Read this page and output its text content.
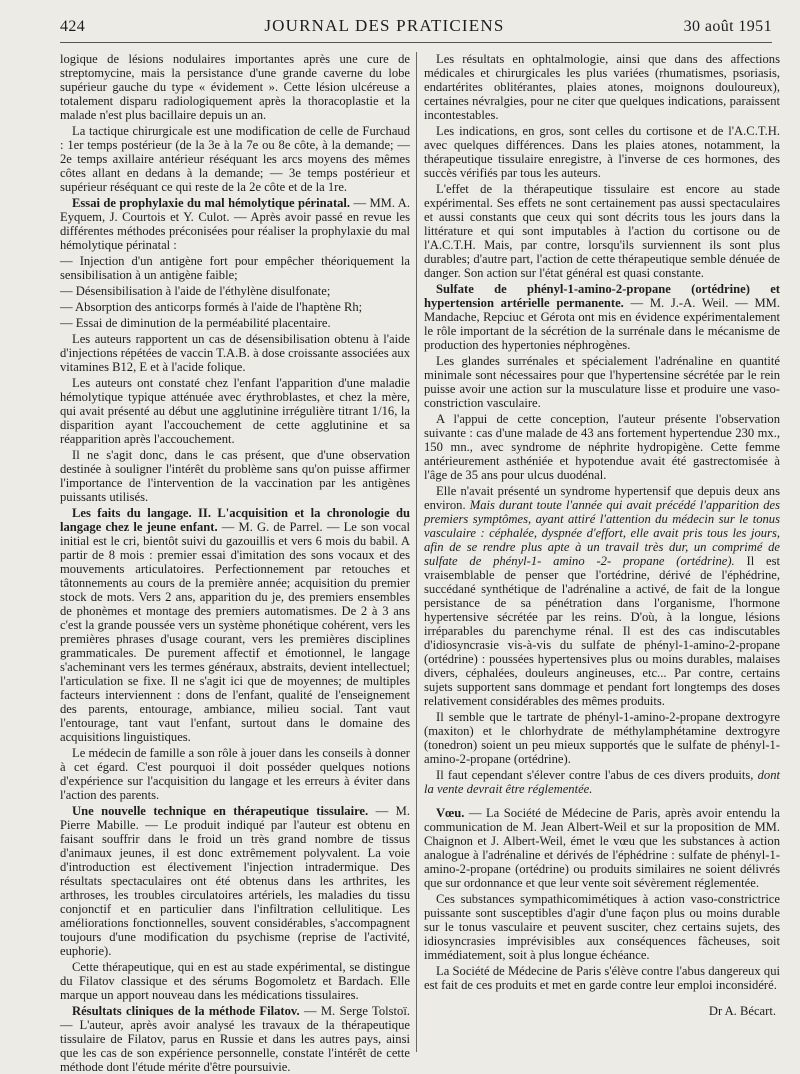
424	JOURNAL DES PRATICIENS	30 août 1951

logique de lésions nodulaires importantes après une cure de streptomycine, mais la persistance d'une grande caverne du lobe supérieur gauche du type « évidement ». Cette lésion ulcéreuse a totalement disparu radiologiquement après la thoracoplastie et la malade n'est plus bacillaire depuis un an.

La tactique chirurgicale est une modification de celle de Furchaud : 1er temps postérieur (de la 3e à la 7e ou 8e côte, à la demande; — 2e temps axillaire antérieur réséquant les arcs moyens des mêmes côtes allant en dedans à la demande; — 3e temps postérieur et supérieur réséquant ce qui reste de la 2e côte et de la 1re.

Essai de prophylaxie du mal hémolytique périnatal. — MM. A. Eyquem, J. Courtois et Y. Culot. — Après avoir passé en revue les différentes méthodes préconisées pour réaliser la prophylaxie du mal hémolytique périnatal :

— Injection d'un antigène fort pour empêcher théoriquement la sensibilisation à un antigène faible;

— Désensibilisation à l'aide de l'éthylène disulfonate;

— Absorption des anticorps formés à l'aide de l'haptène Rh;

— Essai de diminution de la perméabilité placentaire.

Les auteurs rapportent un cas de désensibilisation obtenu à l'aide d'injections répétées de vaccin T.A.B. à dose croissante associées aux vitamines B12, E et à l'acide folique.

Les auteurs ont constaté chez l'enfant l'apparition d'une maladie hémolytique typique atténuée avec érythroblastes, et chez la mère, qui avait présenté au début une agglutinine irrégulière titrant 1/16, la disparition ayant l'accouchement de cette agglutinine et sa réapparition après l'accouchement.

Il ne s'agit donc, dans le cas présent, que d'une observation destinée à souligner l'intérêt du problème sans qu'on puisse affirmer l'importance de l'intervention de la vaccination par les antigènes puissants utilisés.

Les faits du langage. II. L'acquisition et la chronologie du langage chez le jeune enfant. — M. G. de Parrel. — Le son vocal initial est le cri, bientôt suivi du gazouillis et vers 6 mois du babil. A partir de 8 mois : premier essai d'imitation des sons vocaux et des mouvements articulatoires. Perfectionnement par retouches et tâtonnements au cours de la première année; acquisition du premier stock de mots. Vers 2 ans, apparition du je, des premiers ensembles de phonèmes et montage des premiers automatismes. De 2 à 3 ans c'est la grande poussée vers un système phonétique cohérent, vers les premières phrases d'usage courant, vers les premières disciplines grammaticales. De purement affectif et émotionnel, le langage s'acheminant vers les termes généraux, abstraits, devient intellectuel; l'articulation se fixe. Il ne s'agit ici que de moyennes; de multiples facteurs interviennent : dons de l'enfant, qualité de l'enseignement des parents, entourage, ambiance, milieu social. Tant vaut l'entourage, tant vaut l'enfant, surtout dans le domaine des acquisitions linguistiques.

Le médecin de famille a son rôle à jouer dans les conseils à donner à cet égard. C'est pourquoi il doit posséder quelques notions d'expérience sur l'acquisition du langage et les erreurs à éviter dans l'action des parents.

Une nouvelle technique en thérapeutique tissulaire. — M. Pierre Mabille. — Le produit indiqué par l'auteur est obtenu en faisant souffrir dans le froid un très grand nombre de tissus d'animaux jeunes, il est donc extrêmement polyvalent. La voie d'introduction est électivement l'injection intradermique. Des résultats spectaculaires ont été obtenus dans les arthrites, les arthroses, les troubles circulatoires artériels, les maladies du tissu conjonctif et en particulier dans l'infiltration cellulitique. Les améliorations fonctionnelles, souvent considérables, s'accompagnent toujours d'une modification du psychisme (reprise de l'activité, euphorie).

Cette thérapeutique, qui en est au stade expérimental, se distingue du Filatov classique et des sérums Bogomoletz et Bardach. Elle marque un apport nouveau dans les médications tissulaires.

Résultats cliniques de la méthode Filatov. — M. Serge Tolstoï. — L'auteur, après avoir analysé les travaux de la thérapeutique tissulaire de Filatov, parus en Russie et dans les autres pays, ainsi que les cas de son expérience personnelle, constate l'intérêt de cette méthode dont l'étude mérite d'être poursuivie.

Les résultats en ophtalmologie, ainsi que dans des affections médicales et chirurgicales les plus variées (rhumatismes, psoriasis, endartérites oblitérantes, plaies atones, moignons douloureux), certaines névralgies, pour ne citer que quelques indications, paraissent incontestables.

Les indications, en gros, sont celles du cortisone et de l'A.C.T.H. avec quelques différences. Dans les plaies atones, notamment, la thérapeutique tissulaire enregistre, à l'inverse de ces hormones, des succès vérifiés par tous les auteurs.

L'effet de la thérapeutique tissulaire est encore au stade expérimental. Ses effets ne sont certainement pas aussi spectaculaires et aussi constants que ceux qui sont décrits tous les jours dans la littérature et qui sont imputables à l'action du cortisone ou de l'A.C.T.H. Mais, par contre, lorsqu'ils surviennent ils sont plus durables; d'autre part, l'action de cette thérapeutique semble dénuée de danger. Son action sur l'état général est quasi constante.

Sulfate de phényl-1-amino-2-propane (ortédrine) et hypertension artérielle permanente. — M. J.-A. Weil. — MM. Mandache, Repciuc et Gérota ont mis en évidence expérimentalement le rôle important de la sécrétion de la surrénale dans le mécanisme de production des hypertonies néphrogènes.

Les glandes surrénales et spécialement l'adrénaline en quantité minimale sont nécessaires pour que l'hypertensine sécrétée par le rein puisse avoir une action sur la musculature lisse et produire une vaso-constriction vasculaire.

A l'appui de cette conception, l'auteur présente l'observation suivante : cas d'une malade de 43 ans fortement hypertendue 230 mx., 150 mn., avec syndrome de néphrite hydropigène. Cette femme antérieurement asthéniée et hypotendue avait été gastrectomisée à l'âge de 35 ans pour ulcus duodénal.

Elle n'avait présenté un syndrome hypertensif que depuis deux ans environ. Mais durant toute l'année qui avait précédé l'apparition des premiers symptômes, ayant attiré l'attention du médecin sur le tonus vasculaire : céphalée, dyspnée d'effort, elle avait pris tous les jours, afin de se rendre plus apte à un travail très dur, un comprimé de sulfate de phényl-1- amino -2- propane (ortédrine). Il est vraisemblable de penser que l'ortédrine, dérivé de l'éphédrine, succédané synthétique de l'adrénaline a activé, de fait de la longue persistance de sa pénétration dans l'organisme, l'hormone hypertensive sécrétée par les reins. D'où, à la longue, lésions irréparables du parenchyme rénal. Il est des cas indiscutables d'idiosyncrasie vis-à-vis du sulfate de phényl-1-amino-2-propane (ortédrine) : poussées hypertensives plus ou moins durables, malaises divers, céphalées, douleurs angineuses, etc... Par contre, certains sujets supportent sans dommage et pendant fort longtemps des doses relativement considérables des mêmes produits.

Il semble que le tartrate de phényl-1-amino-2-propane dextrogyre (maxiton) et le chlorhydrate de méthylamphétamine dextrogyre (tonedron) soient un peu mieux supportés que le sulfate de phényl-1-amino-2-propane (ortédrine).

Il faut cependant s'élever contre l'abus de ces divers produits, dont la vente devrait être réglementée.

Vœu. — La Société de Médecine de Paris, après avoir entendu la communication de M. Jean Albert-Weil et sur la proposition de MM. Chaignon et J. Albert-Weil, émet le vœu que les substances à action analogue à l'adrénaline et dérivés de l'éphédrine : sulfate de phényl-1-amino-2-propane (ortédrine) ou produits similaires ne soient délivrés que sur ordonnance et que leur vente soit sévèrement réglementée.

Ces substances sympathicomimétiques à action vaso-constrictrice puissante sont susceptibles d'agir d'une façon plus ou moins durable sur le tonus vasculaire et peuvent susciter, chez certains sujets, des idiosyncrasies imprévisibles aux conséquences fâcheuses, soit immédiatement, soit à plus longue échéance.

La Société de Médecine de Paris s'élève contre l'abus dangereux qui est fait de ces produits et met en garde contre leur emploi inconsidéré.

Dr A. Bécart.
